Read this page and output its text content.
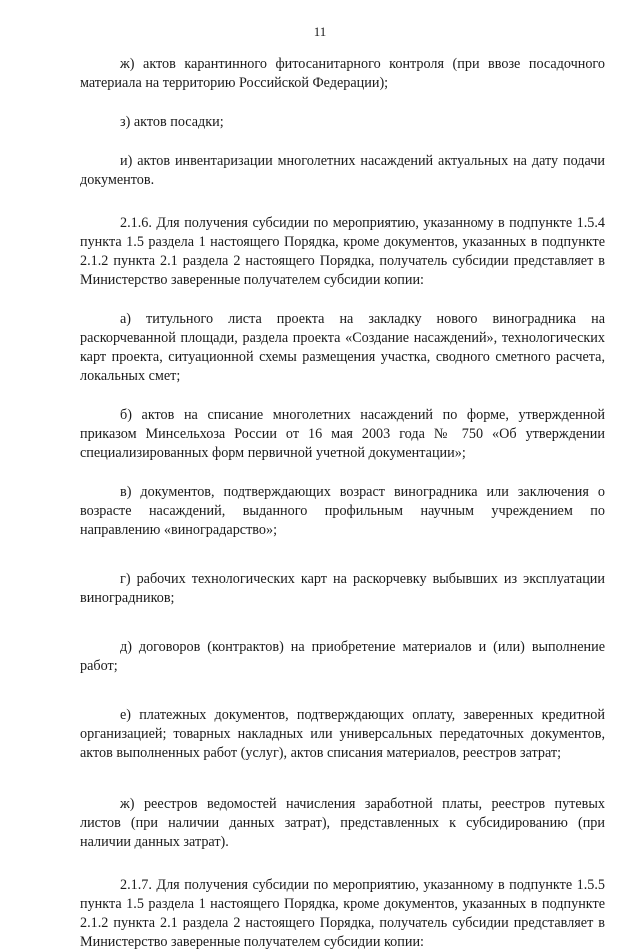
11

ж) актов карантинного фитосанитарного контроля (при ввозе посадочного материала на территорию Российской Федерации);

з) актов посадки;

и) актов инвентаризации многолетних насаждений актуальных на дату подачи документов.

2.1.6. Для получения субсидии по мероприятию, указанному в подпункте 1.5.4 пункта 1.5 раздела 1 настоящего Порядка, кроме документов, указанных в подпункте 2.1.2 пункта 2.1 раздела 2 настоящего Порядка, получатель субсидии представляет в Министерство заверенные получателем субсидии копии:

а) титульного листа проекта на закладку нового виноградника на раскорчеванной площади, раздела проекта «Создание насаждений», технологических карт проекта, ситуационной схемы размещения участка, сводного сметного расчета, локальных смет;

б) актов на списание многолетних насаждений по форме, утвержденной приказом Минсельхоза России от 16 мая 2003 года № 750 «Об утверждении специализированных форм первичной учетной документации»;

в) документов, подтверждающих возраст виноградника или заключения о возрасте насаждений, выданного профильным научным учреждением по направлению «виноградарство»;

г) рабочих технологических карт на раскорчевку выбывших из эксплуатации виноградников;

д) договоров (контрактов) на приобретение материалов и (или) выполнение работ;

е) платежных документов, подтверждающих оплату, заверенных кредитной организацией; товарных накладных или универсальных передаточных документов, актов выполненных работ (услуг), актов списания материалов, реестров затрат;

ж) реестров ведомостей начисления заработной платы, реестров путевых листов (при наличии данных затрат), представленных к субсидированию (при наличии данных затрат).

2.1.7. Для получения субсидии по мероприятию, указанному в подпункте 1.5.5 пункта 1.5 раздела 1 настоящего Порядка, кроме документов, указанных в подпункте 2.1.2 пункта 2.1 раздела 2 настоящего Порядка, получатель субсидии представляет в Министерство заверенные получателем субсидии копии:
